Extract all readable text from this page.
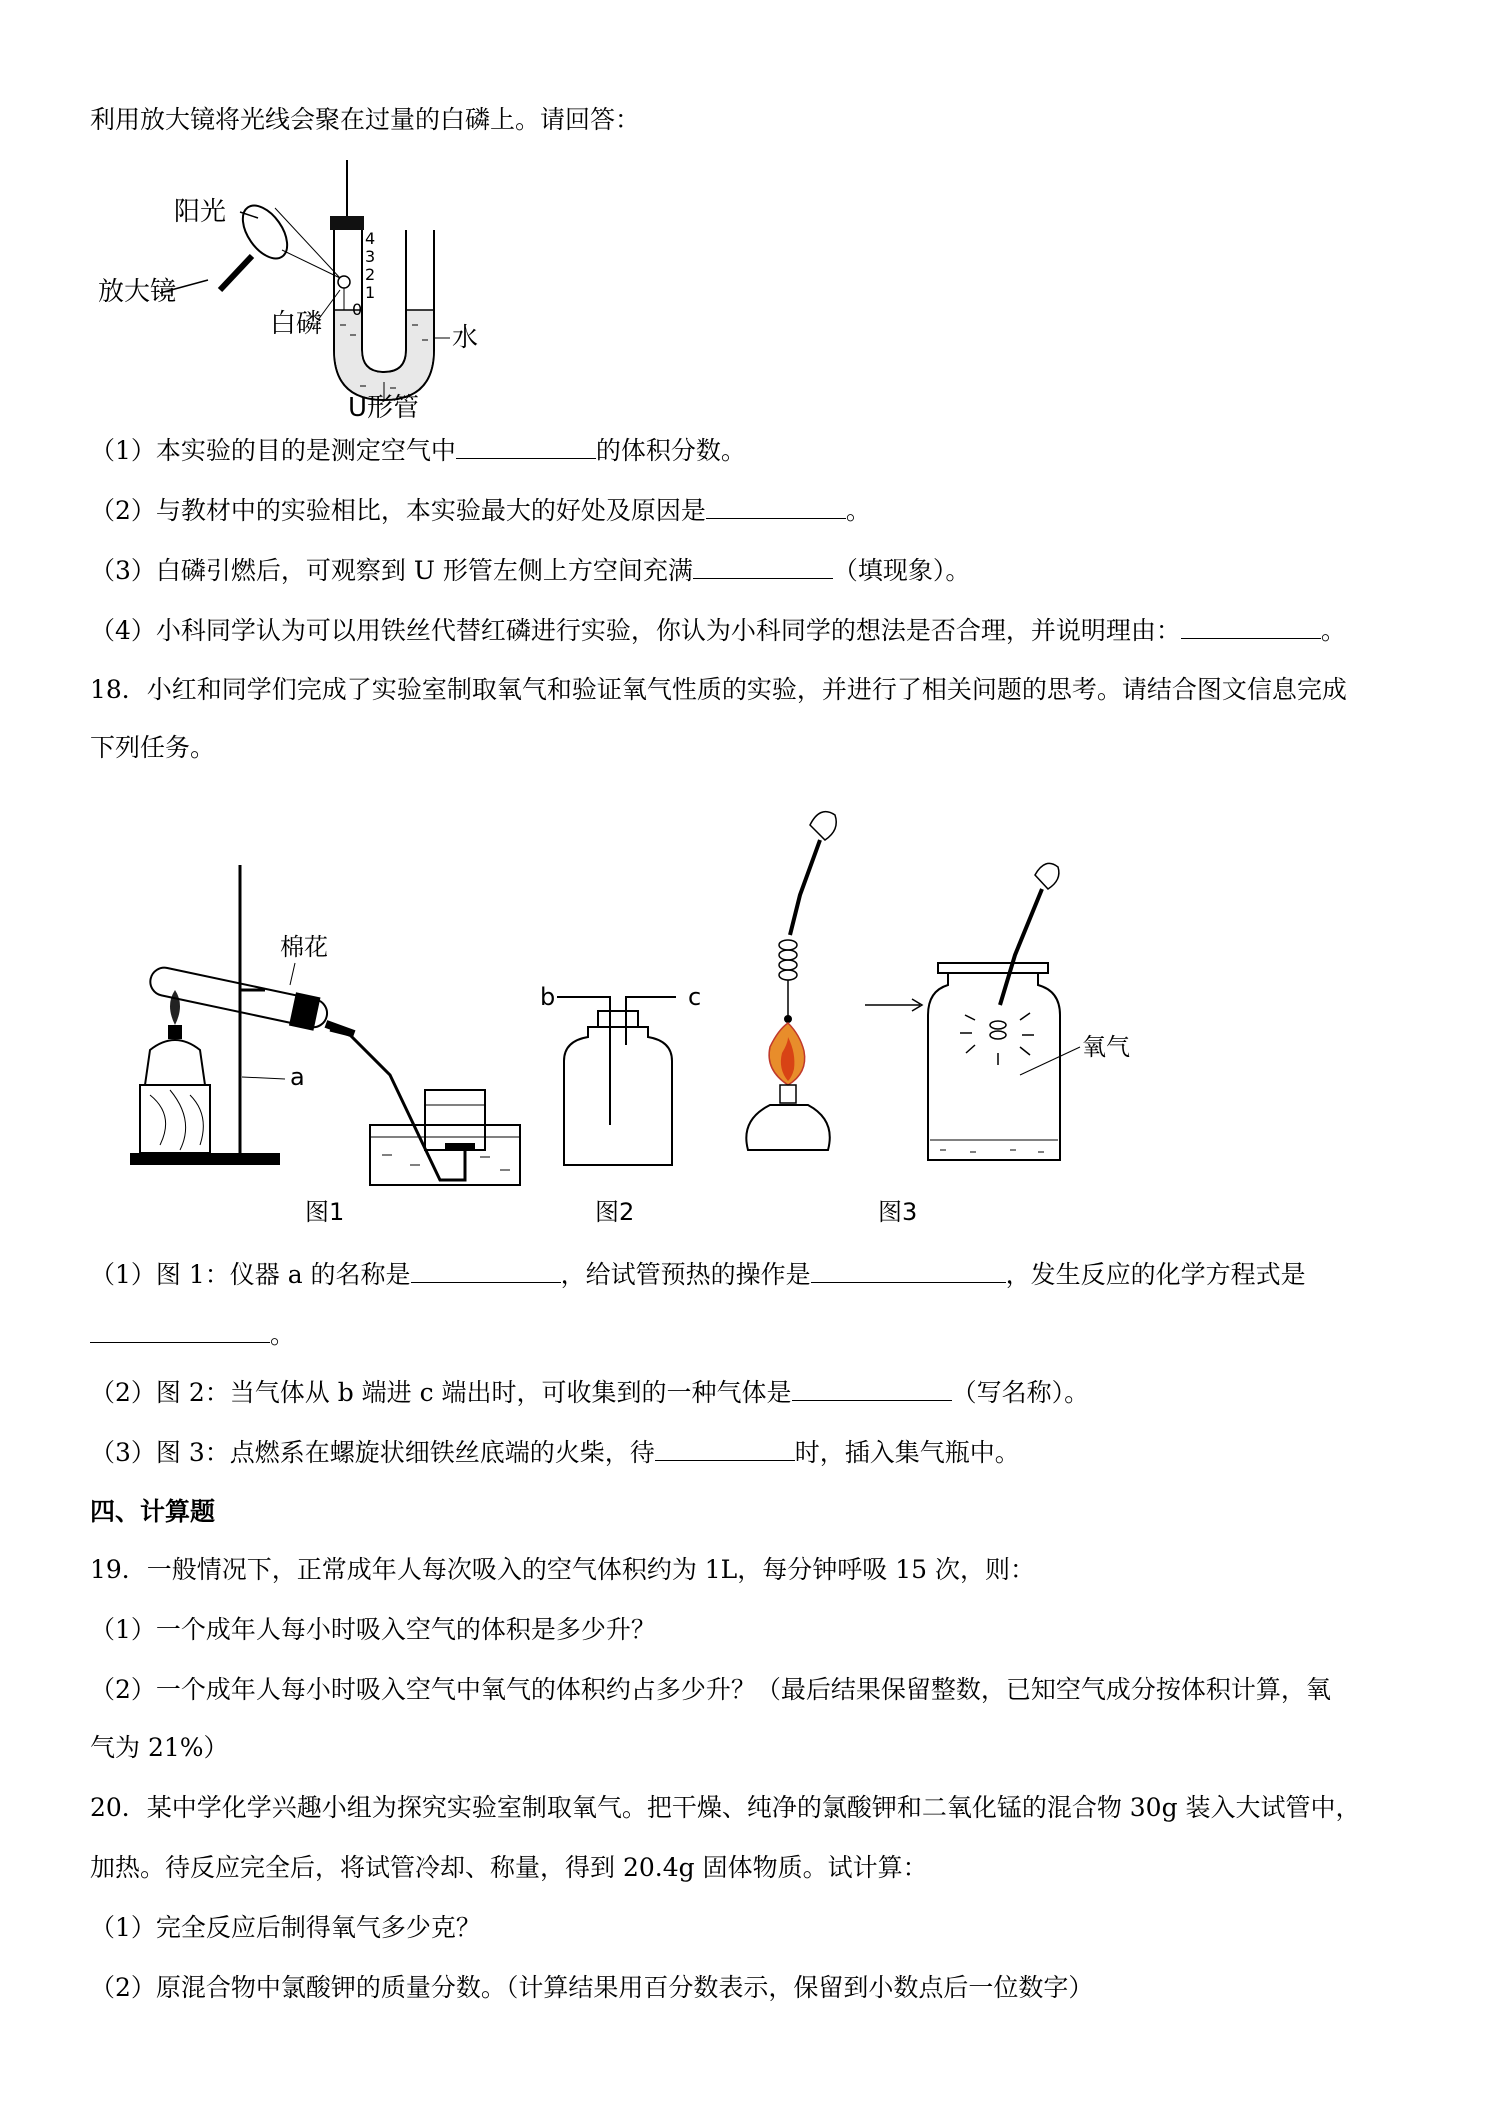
利用放大镜将光线会聚在过量的白磷上。请回答：
阳光
放大镜
4
3
2
1
0
白磷	水
U形管
（1）本实验的目的是测定空气中	的体积分数。
（2）与教材中的实验相比，本实验最大的好处及原因是	。
（3）白磷引燃后，可观察到 U 形管左侧上方空间充满	（填现象）。
（4）小科同学认为可以用铁丝代替红磷进行实验，你认为小科同学的想法是否合理，并说明理由：	。
18．小红和同学们完成了实验室制取氧气和验证氧气性质的实验，并进行了相关问题的思考。请结合图文信息完成
下列任务。
棉花
a
图1
b	c
图2
氧气
图3
（1）图 1：仪器 a 的名称是	，给试管预热的操作是	，发生反应的化学方程式是
。
（2）图 2：当气体从 b 端进 c 端出时，可收集到的一种气体是	（写名称）。
（3）图 3：点燃系在螺旋状细铁丝底端的火柴，待	时，插入集气瓶中。
四、计算题
19．一般情况下，正常成年人每次吸入的空气体积约为 1L，每分钟呼吸 15 次，则：
（1）一个成年人每小时吸入空气的体积是多少升？
（2）一个成年人每小时吸入空气中氧气的体积约占多少升？（最后结果保留整数，已知空气成分按体积计算，氧
气为 21%）
20．某中学化学兴趣小组为探究实验室制取氧气。把干燥、纯净的氯酸钾和二氧化锰的混合物 30g 装入大试管中，
加热。待反应完全后，将试管冷却、称量，得到 20.4g 固体物质。试计算：
（1）完全反应后制得氧气多少克？
（2）原混合物中氯酸钾的质量分数。（计算结果用百分数表示，保留到小数点后一位数字）
